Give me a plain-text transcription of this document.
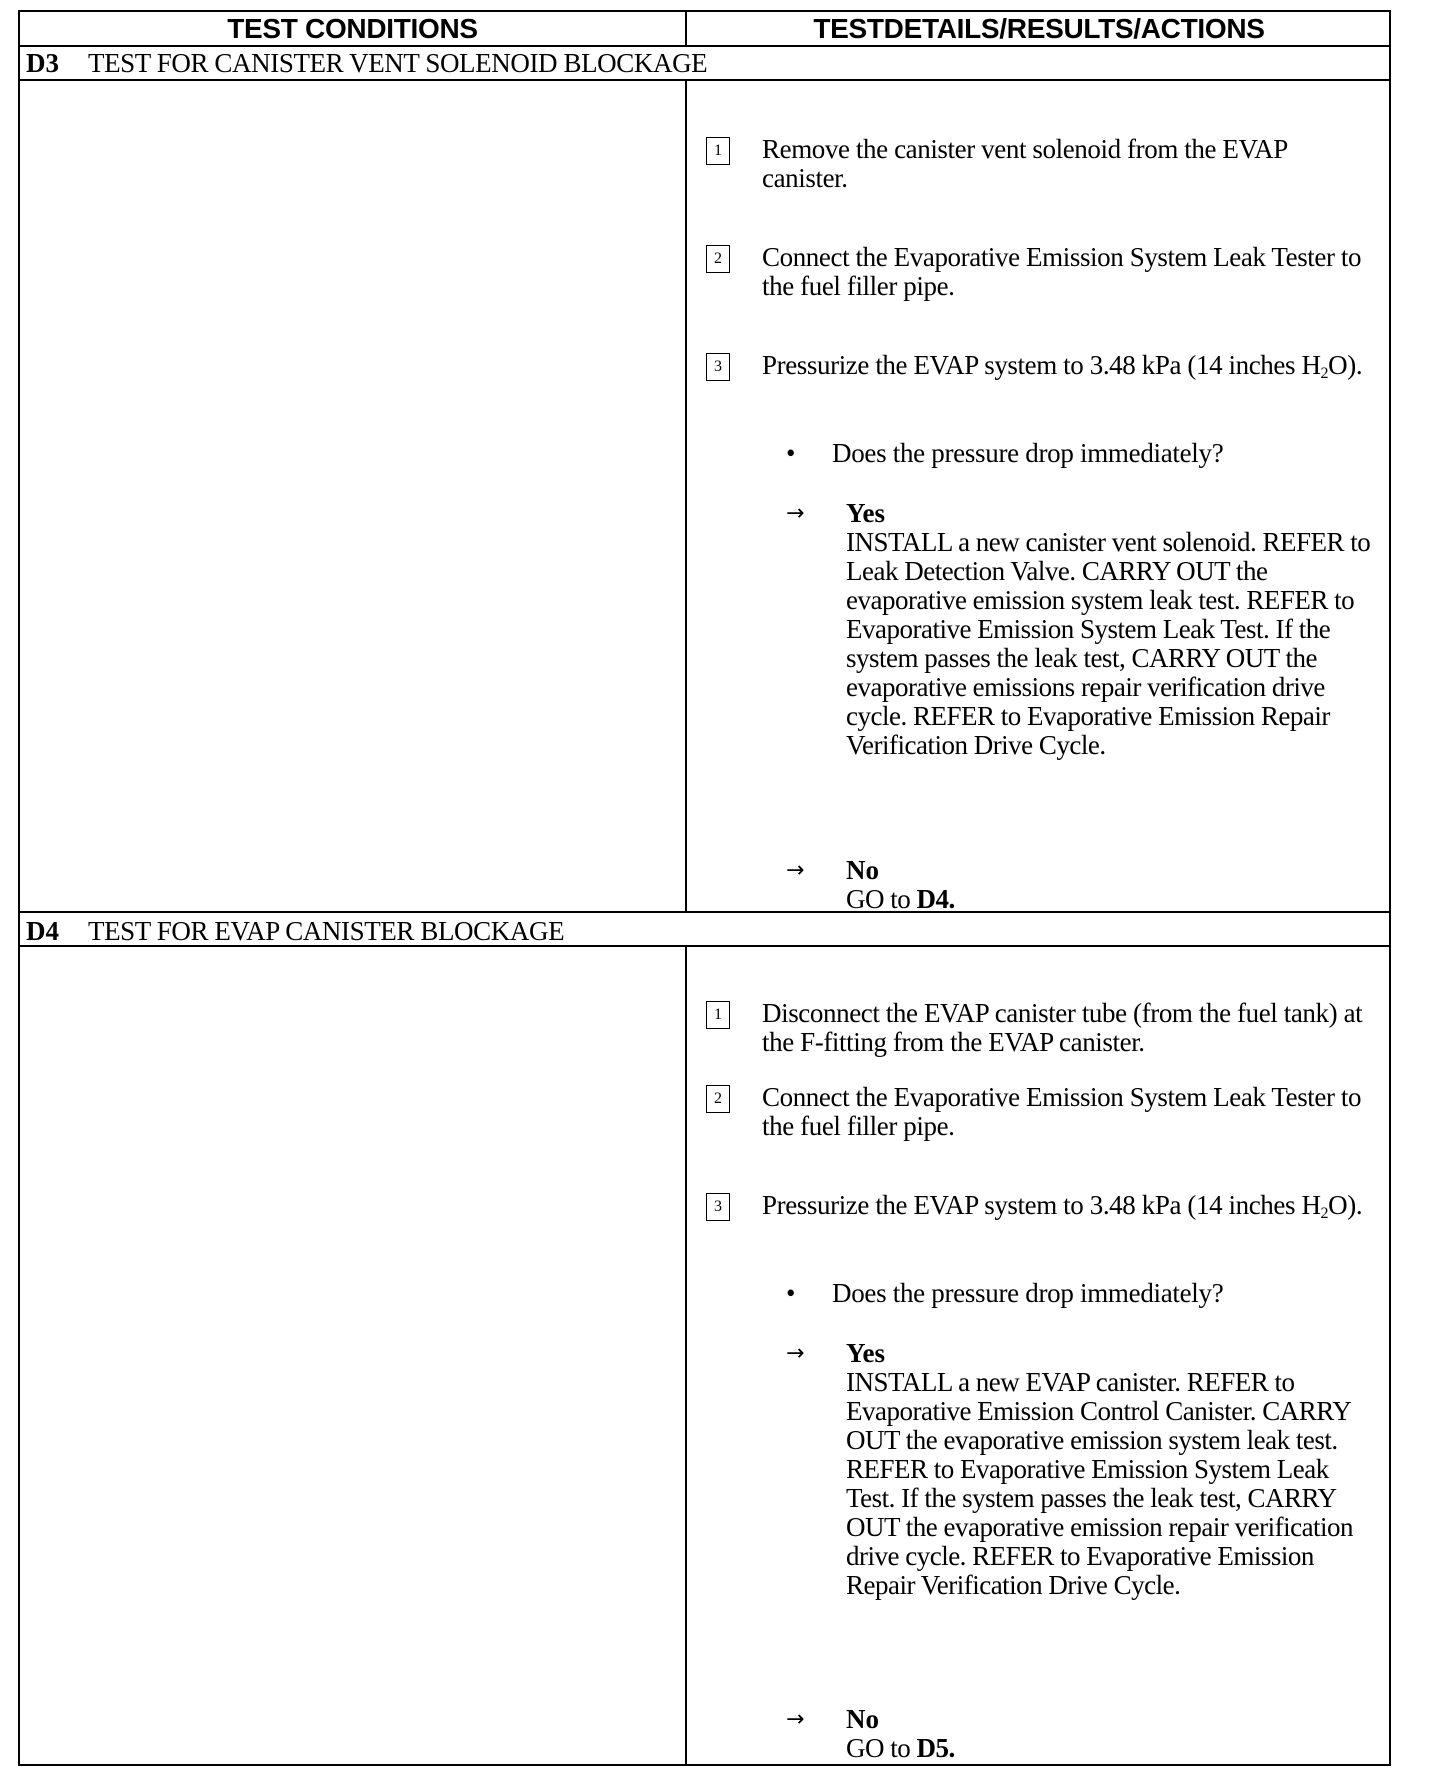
TEST CONDITIONS	TESTDETAILS/RESULTS/ACTIONS
D3 TEST FOR CANISTER VENT SOLENOID BLOCKAGE
1 Remove the canister vent solenoid from the EVAP canister.
2 Connect the Evaporative Emission System Leak Tester to the fuel filler pipe.
3 Pressurize the EVAP system to 3.48 kPa (14 inches $H_2O$).
• Does the pressure drop immediately?
→	Yes
INSTALL a new canister vent solenoid. REFER to Leak Detection Valve. CARRY OUT the evaporative emission system leak test. REFER to Evaporative Emission System Leak Test. If the system passes the leak test, CARRY OUT the evaporative emissions repair verification drive cycle. REFER to Evaporative Emission Repair Verification Drive Cycle.
→	No
GO to D4.
D4 TEST FOR EVAP CANISTER BLOCKAGE
1 Disconnect the EVAP canister tube (from the fuel tank) at the F-fitting from the EVAP canister.
2 Connect the Evaporative Emission System Leak Tester to the fuel filler pipe.
3 Pressurize the EVAP system to 3.48 kPa (14 inches $H_2O$).
• Does the pressure drop immediately?
→	Yes
INSTALL a new EVAP canister. REFER to Evaporative Emission Control Canister. CARRY OUT the evaporative emission system leak test. REFER to Evaporative Emission System Leak Test. If the system passes the leak test, CARRY OUT the evaporative emission repair verification drive cycle. REFER to Evaporative Emission Repair Verification Drive Cycle.
→	No
GO to D5.
